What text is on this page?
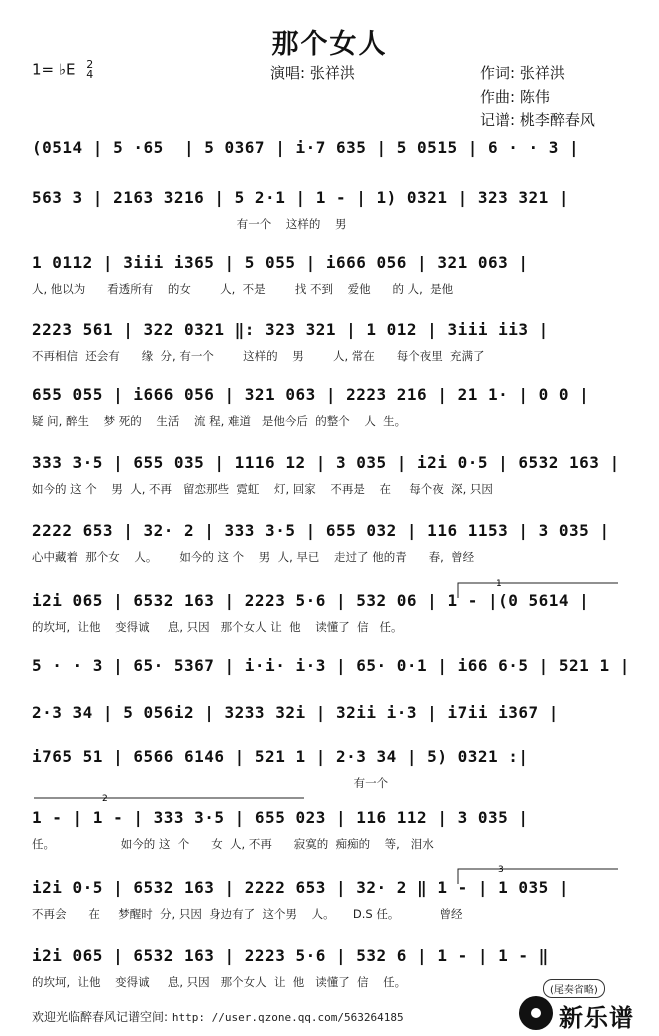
那个女人
1= ♭E 2
4	演唱: 张祥洪	作词: 张祥洪
作曲: 陈伟
记谱: 桃李醉春风
(0514 | 5 ·65  | 5 0367 | i·7 635 | 5 0515 | 6 · · 3 |
563 3 | 2163 3216 | 5 2·1 | 1 - | 1) 0321 | 323 321 |
有一个    这样的    男
1 0112 | 3iii i365 | 5 055 | i666 056 | 321 063 |
人, 他以为      看透所有    的女        人,  不是        找 不到    爱他      的 人,  是他
2223 561 | 322 0321 ‖: 323 321 | 1 012 | 3iii ii3 |
不再相信  还会有      缘  分, 有一个        这样的    男        人, 常在      每个夜里  充满了
655 055 | i666 056 | 321 063 | 2223 216 | 21 1· | 0 0 |
疑 问, 醉生    梦 死的    生活    流 程, 难道   是他今后  的整个    人  生。
333 3·5 | 655 035 | 1116 12 | 3 035 | i2i 0·5 | 6532 163 |
如今的 这 个    男  人, 不再   留恋那些  霓虹    灯, 回家    不再是    在     每个夜  深, 只因
2222 653 | 32· 2 | 333 3·5 | 655 032 | 116 1153 | 3 035 |
心中藏着  那个女    人。      如今的 这 个    男  人, 早已    走过了 他的青      春,  曾经
i2i 065 | 6532 163 | 2223 5·6 | 532 06 | 1 - |(0 5614 |
的坎坷,  让他    变得诚     息, 只因   那个女人 让  他    读懂了  信   任。
5 · · 3 | 65· 5367 | i·i· i·3 | 65· 0·1 | i66 6·5 | 521 1 |
2·3 34 | 5 056i2 | 3233 32i | 32ii i·3 | i7ii i367 |
i765 51 | 6566 6146 | 521 1 | 2·3 34 | 5) 0321 :|
有一个
1 - | 1 - | 333 3·5 | 655 023 | 116 112 | 3 035 |
任。                  如今的 这  个      女  人, 不再      寂寞的  痴痴的    等,   泪水
i2i 0·5 | 6532 163 | 2222 653 | 32· 2 ‖ 1 - | 1 035 |
不再会      在     梦醒时  分, 只因  身边有了  这个男    人。     D.S 任。           曾经
i2i 065 | 6532 163 | 2223 5·6 | 532 6 | 1 - | 1 - ‖
的坎坷,  让他    变得诚     息, 只因   那个女人  让  他   读懂了  信    任。
1
2
3
(尾奏省略)
欢迎光临醉春风记谱空间: http: //user.qzone.qq.com/563264185	新乐谱
